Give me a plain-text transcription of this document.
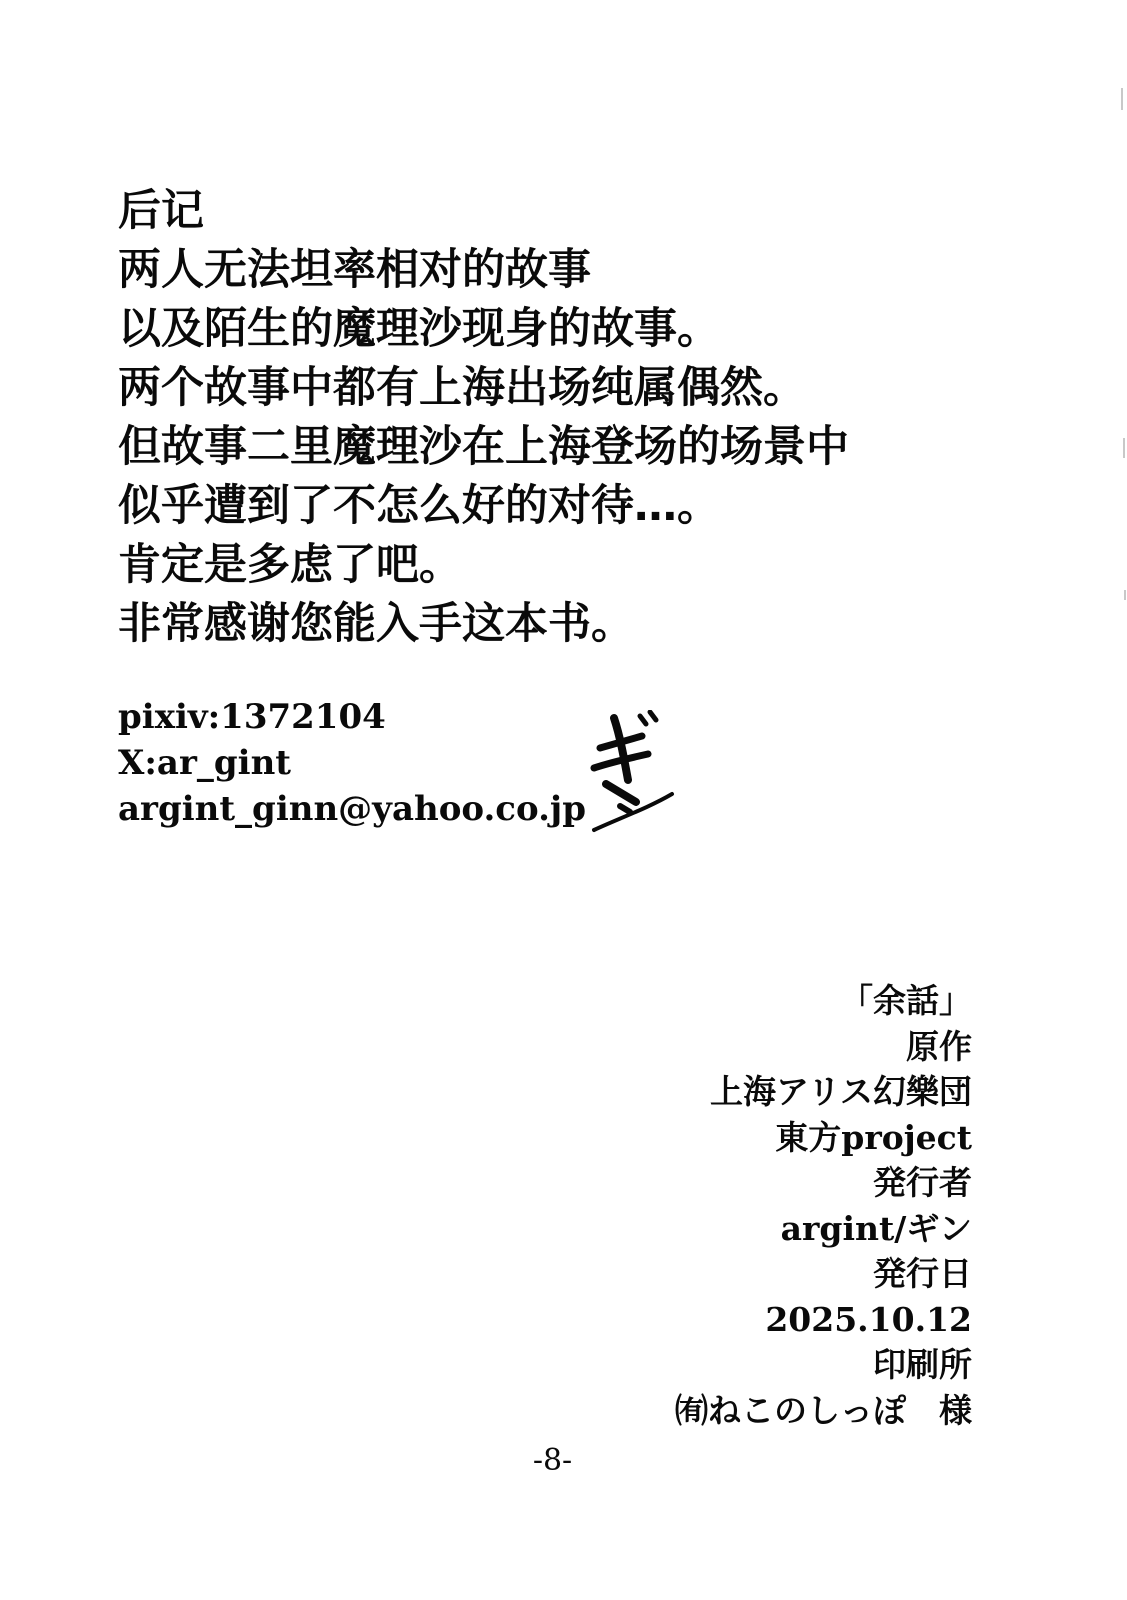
后记
两人无法坦率相对的故事
以及陌生的魔理沙现身的故事。
两个故事中都有上海出场纯属偶然。
但故事二里魔理沙在上海登场的场景中
似乎遭到了不怎么好的对待…。
肯定是多虑了吧。
非常感谢您能入手这本书。
pixiv:1372104
X:ar_gint
argint_ginn@yahoo.co.jp
「余話」
原作
上海アリス幻樂団
東方project
発行者
argint/ギン
発行日
2025.10.12
印刷所
㈲ねこのしっぽ　様
-8-
